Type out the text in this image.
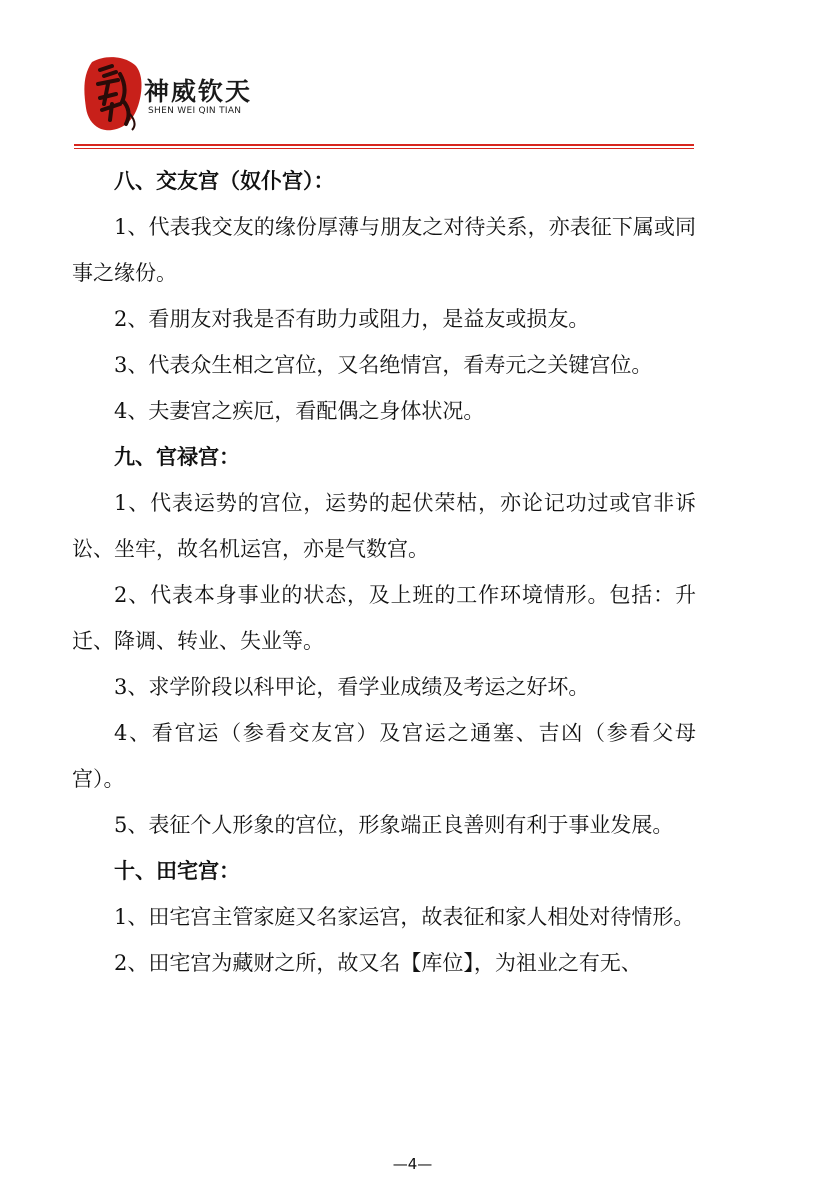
神威钦天
SHEN WEI QIN TIAN

八、交友宫（奴仆宫）：

1、代表我交友的缘份厚薄与朋友之对待关系，亦表征下属或同事之缘份。

2、看朋友对我是否有助力或阻力，是益友或损友。

3、代表众生相之宫位，又名绝情宫，看寿元之关键宫位。

4、夫妻宫之疾厄，看配偶之身体状况。

九、官禄宫：

1、代表运势的宫位，运势的起伏荣枯，亦论记功过或官非诉讼、坐牢，故名机运宫，亦是气数宫。

2、代表本身事业的状态，及上班的工作环境情形。包括：升迁、降调、转业、失业等。

3、求学阶段以科甲论，看学业成绩及考运之好坏。

4、看官运（参看交友宫）及宫运之通塞、吉凶（参看父母宫）。

5、表征个人形象的宫位，形象端正良善则有利于事业发展。

十、田宅宫：

1、田宅宫主管家庭又名家运宫，故表征和家人相处对待情形。

2、田宅宫为藏财之所，故又名【库位】，为祖业之有无、

—4—
